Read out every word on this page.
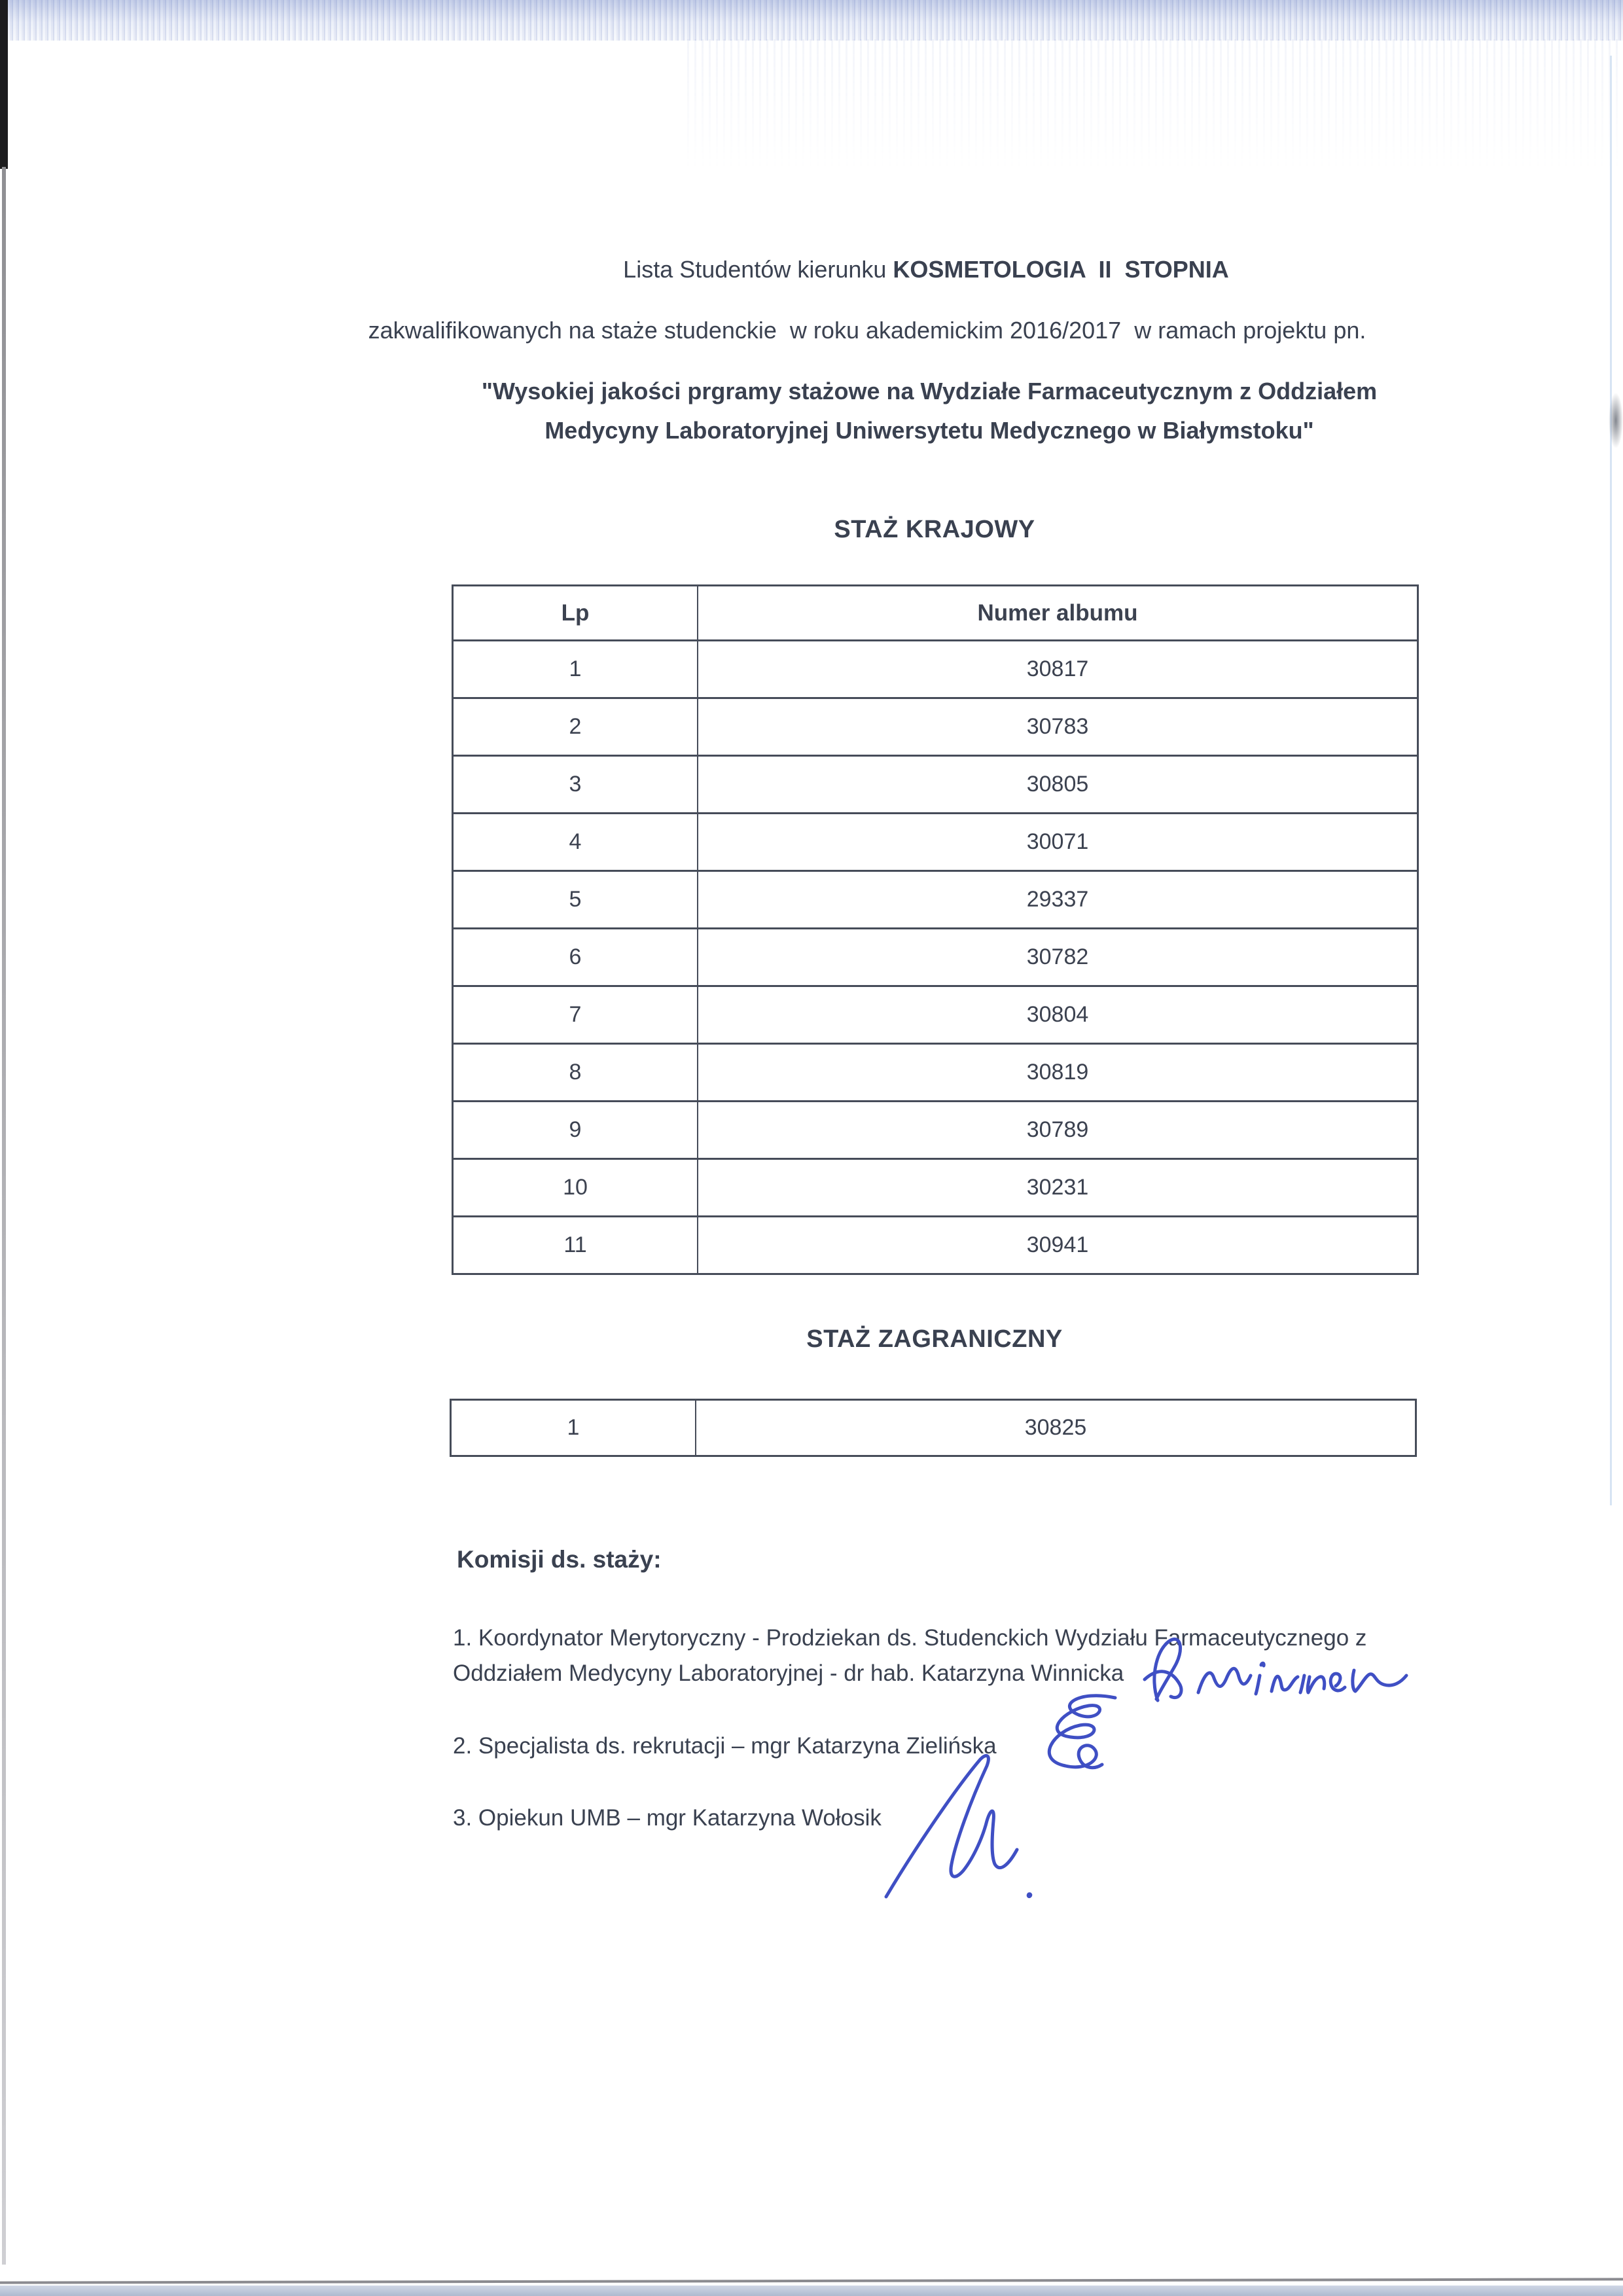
Lista Studentów kierunku KOSMETOLOGIA  II  STOPNIA
zakwalifikowanych na staże studenckie  w roku akademickim 2016/2017  w ramach projektu pn.
"Wysokiej jakości prgramy stażowe na Wydziałe Farmaceutycznym z Oddziałem
Medycyny Laboratoryjnej Uniwersytetu Medycznego w Białymstoku"
STAŻ KRAJOWY
Lp	Numer albumu
1	30817
2	30783
3	30805
4	30071
5	29337
6	30782
7	30804
8	30819
9	30789
10	30231
11	30941
STAŻ ZAGRANICZNY
1	30825
Komisji ds. staży:
1. Koordynator Merytoryczny - Prodziekan ds. Studenckich Wydziału Farmaceutycznego z
Oddziałem Medycyny Laboratoryjnej - dr hab. Katarzyna Winnicka
2. Specjalista ds. rekrutacji – mgr Katarzyna Zielińska
3. Opiekun UMB – mgr Katarzyna Wołosik
